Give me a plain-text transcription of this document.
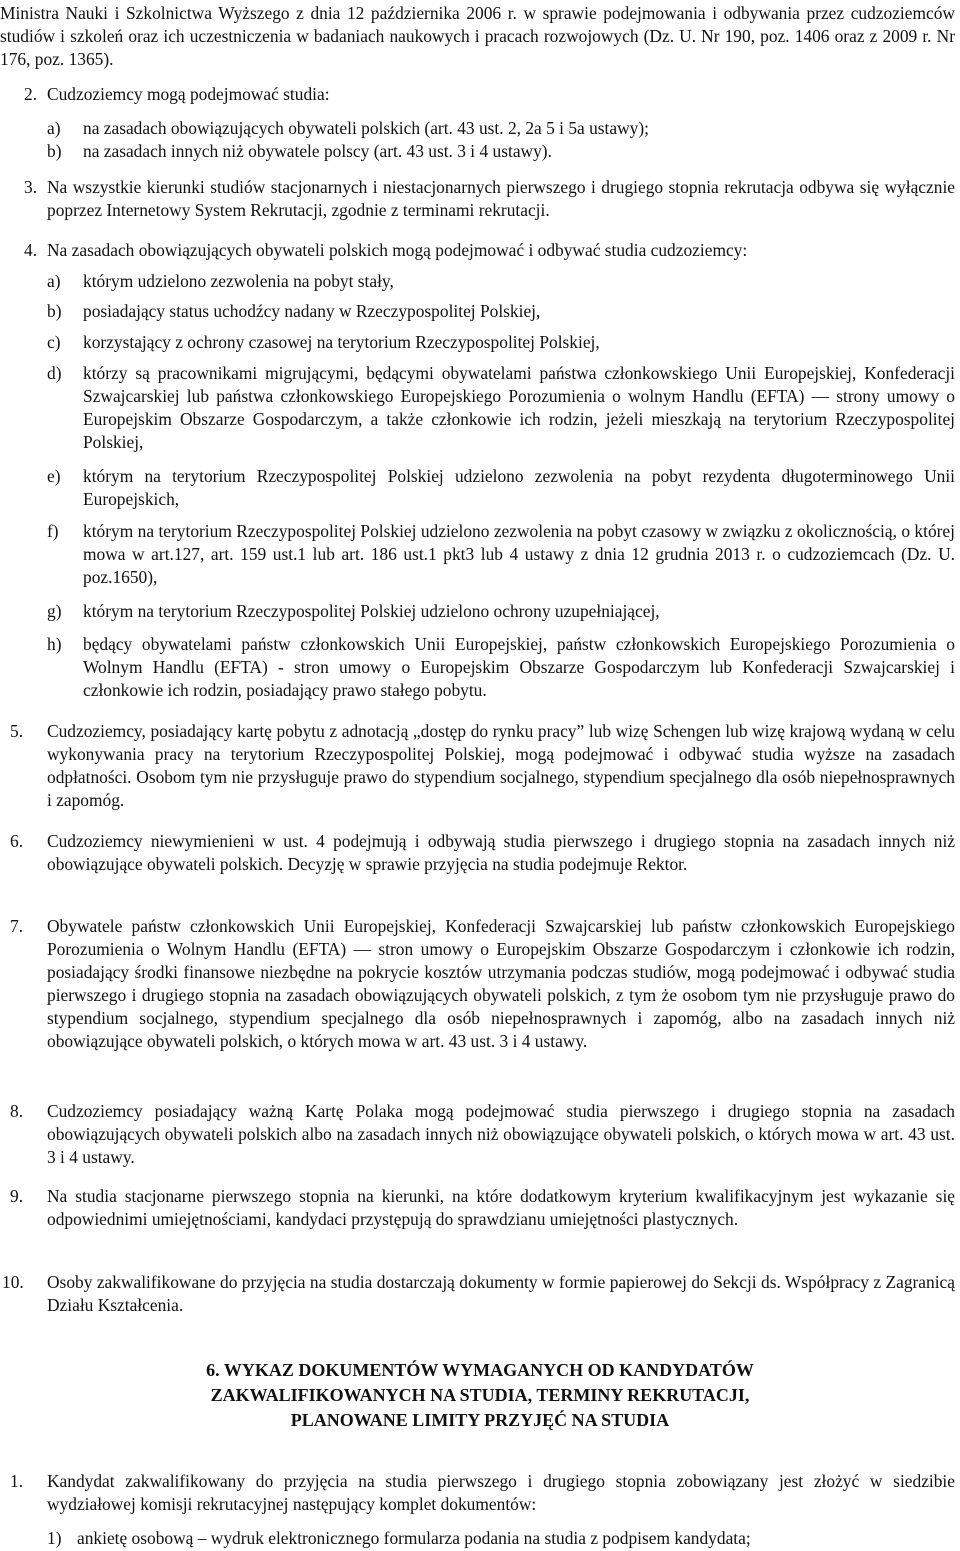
Ministra Nauki i Szkolnictwa Wyższego z dnia 12 października 2006 r. w sprawie podejmowania i odbywania przez cudzoziemców studiów i szkoleń oraz ich uczestniczenia w badaniach naukowych i pracach rozwojowych (Dz. U. Nr 190, poz. 1406 oraz z 2009 r. Nr 176, poz. 1365).

2. Cudzoziemcy mogą podejmować studia:

a) na zasadach obowiązujących obywateli polskich (art. 43 ust. 2, 2a 5 i 5a ustawy);
b) na zasadach innych niż obywatele polscy (art. 43 ust. 3 i 4 ustawy).
3. Na wszystkie kierunki studiów stacjonarnych i niestacjonarnych pierwszego i drugiego stopnia rekrutacja odbywa się wyłącznie poprzez Internetowy System Rekrutacji, zgodnie z terminami rekrutacji.

4. Na zasadach obowiązujących obywateli polskich mogą podejmować i odbywać studia cudzoziemcy:

a) którym udzielono zezwolenia na pobyt stały,
b) posiadający status uchodźcy nadany w Rzeczypospolitej Polskiej,
c) korzystający z ochrony czasowej na terytorium Rzeczypospolitej Polskiej,
d) którzy są pracownikami migrującymi, będącymi obywatelami państwa członkowskiego Unii Europejskiej, Konfederacji Szwajcarskiej lub państwa członkowskiego Europejskiego Porozumienia o wolnym Handlu (EFTA) — strony umowy o Europejskim Obszarze Gospodarczym, a także członkowie ich rodzin, jeżeli mieszkają na terytorium Rzeczypospolitej Polskiej,
e) którym na terytorium Rzeczypospolitej Polskiej udzielono zezwolenia na pobyt rezydenta długoterminowego Unii Europejskich,
f) którym na terytorium Rzeczypospolitej Polskiej udzielono zezwolenia na pobyt czasowy w związku z okolicznością, o której mowa w art.127, art. 159 ust.1 lub art. 186 ust.1 pkt3 lub 4 ustawy z dnia 12 grudnia 2013 r. o cudzoziemcach (Dz. U. poz.1650),
g) którym na terytorium Rzeczypospolitej Polskiej udzielono ochrony uzupełniającej,
h) będący obywatelami państw członkowskich Unii Europejskiej, państw członkowskich Europejskiego Porozumienia o Wolnym Handlu (EFTA) - stron umowy o Europejskim Obszarze Gospodarczym lub Konfederacji Szwajcarskiej i członkowie ich rodzin, posiadający prawo stałego pobytu.
5. Cudzoziemcy, posiadający kartę pobytu z adnotacją „dostęp do rynku pracy” lub wizę Schengen lub wizę krajową wydaną w celu wykonywania pracy na terytorium Rzeczypospolitej Polskiej, mogą podejmować i odbywać studia wyższe na zasadach odpłatności. Osobom tym nie przysługuje prawo do stypendium socjalnego, stypendium specjalnego dla osób niepełnosprawnych i zapomóg.

6. Cudzoziemcy niewymienieni w ust. 4 podejmują i odbywają studia pierwszego i drugiego stopnia na zasadach innych niż obowiązujące obywateli polskich. Decyzję w sprawie przyjęcia na studia podejmuje Rektor.

7. Obywatele państw członkowskich Unii Europejskiej, Konfederacji Szwajcarskiej lub państw członkowskich Europejskiego Porozumienia o Wolnym Handlu (EFTA) — stron umowy o Europejskim Obszarze Gospodarczym i członkowie ich rodzin, posiadający środki finansowe niezbędne na pokrycie kosztów utrzymania podczas studiów, mogą podejmować i odbywać studia pierwszego i drugiego stopnia na zasadach obowiązujących obywateli polskich, z tym że osobom tym nie przysługuje prawo do stypendium socjalnego, stypendium specjalnego dla osób niepełnosprawnych i zapomóg, albo na zasadach innych niż obowiązujące obywateli polskich, o których mowa w art. 43 ust. 3 i 4 ustawy.

8. Cudzoziemcy posiadający ważną Kartę Polaka mogą podejmować studia pierwszego i drugiego stopnia na zasadach obowiązujących obywateli polskich albo na zasadach innych niż obowiązujące obywateli polskich, o których mowa w art. 43 ust. 3 i 4 ustawy.

9. Na studia stacjonarne pierwszego stopnia na kierunki, na które dodatkowym kryterium kwalifikacyjnym jest wykazanie się odpowiednimi umiejętnościami, kandydaci przystępują do sprawdzianu umiejętności plastycznych.

10. Osoby zakwalifikowane do przyjęcia na studia dostarczają dokumenty w formie papierowej do Sekcji ds. Współpracy z Zagranicą Działu Kształcenia.

6. WYKAZ DOKUMENTÓW WYMAGANYCH OD KANDYDATÓW
ZAKWALIFIKOWANYCH NA STUDIA, TERMINY REKRUTACJI,
PLANOWANE LIMITY PRZYJĘĆ NA STUDIA
1. Kandydat zakwalifikowany do przyjęcia na studia pierwszego i drugiego stopnia zobowiązany jest złożyć w siedzibie wydziałowej komisji rekrutacyjnej następujący komplet dokumentów:

1) ankietę osobową – wydruk elektronicznego formularza podania na studia z podpisem kandydata;
